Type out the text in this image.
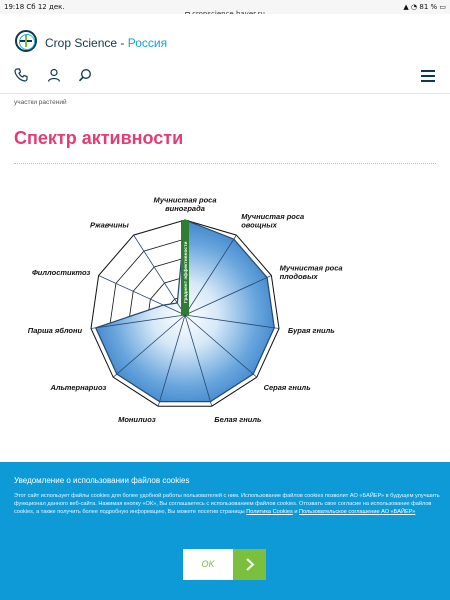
19:18 Сб 12 дек.	▲ ◔ 81 % ▭
Crop Science - Россия
участки растений
Спектр активности
Градиент эффективности
Мучнистая роса винограда
Мучнистая роса овощных
Мучнистая роса плодовых
Бурая гниль
Серая гниль
Белая гниль
Монилиоз
Альтернариоз
Парша яблони
Филлостиктоз
Ржавчины
Уведомление о использовании файлов cookies
Этот сайт использует файлы cookies для более удобной работы пользователей с ним. Использование файлов cookies позволит АО «БАЙЕР» в будущем улучшить функционал данного веб-сайта. Нажимая кнопку «ОК», Вы соглашаетесь с использованием файлов cookies. Отозвать свое согласие на использование файлов cookies, а также получить более подробную информацию, Вы можете посетив страницы Политика Cookies и Пользовательское соглашение АО «БАЙЕР»
OK
